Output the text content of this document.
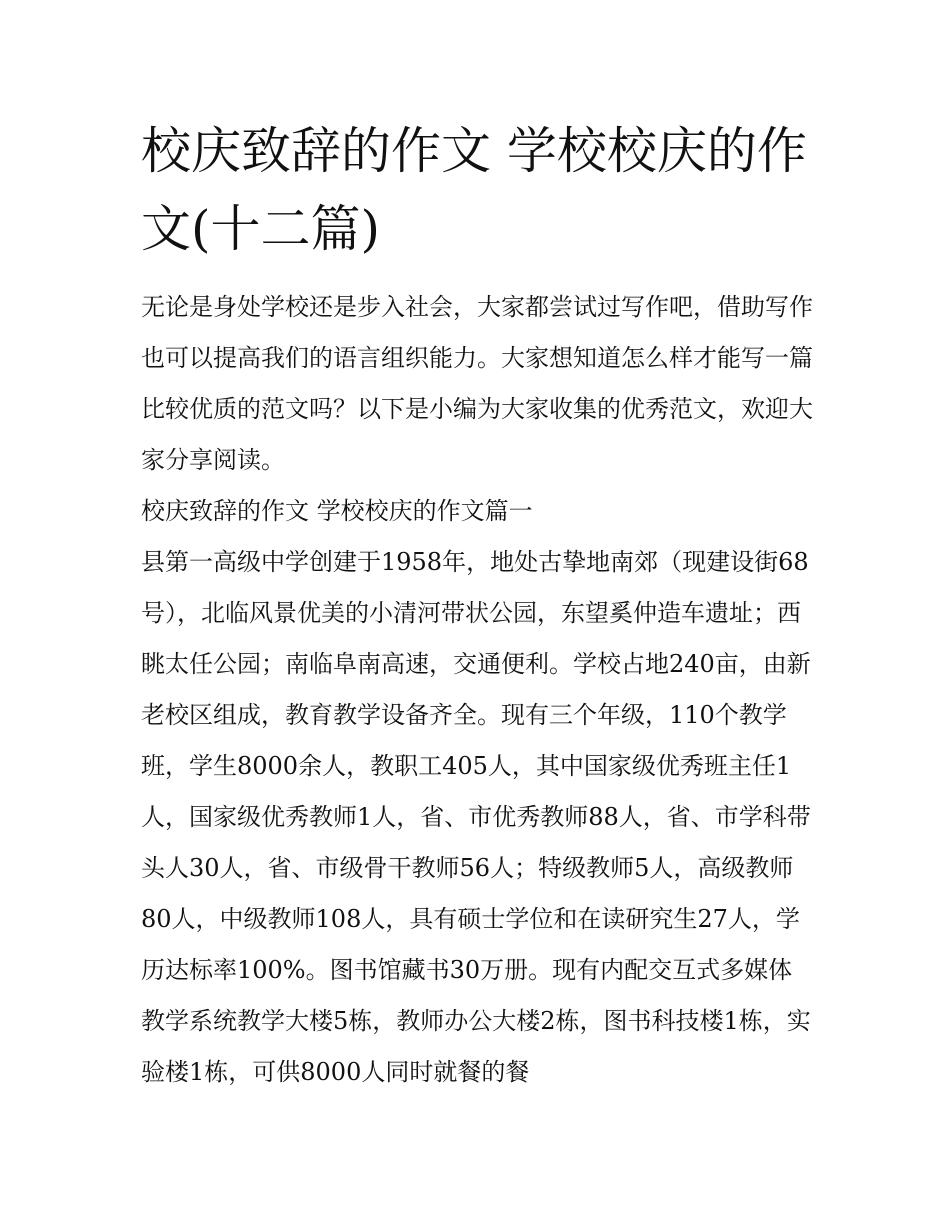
校庆致辞的作文 学校校庆的作文(十二篇)

无论是身处学校还是步入社会，大家都尝试过写作吧，借助写作也可以提高我们的语言组织能力。大家想知道怎么样才能写一篇比较优质的范文吗？以下是小编为大家收集的优秀范文，欢迎大家分享阅读。

校庆致辞的作文 学校校庆的作文篇一

县第一高级中学创建于1958年，地处古挚地南郊（现建设街68号），北临风景优美的小清河带状公园，东望奚仲造车遗址；西眺太任公园；南临阜南高速，交通便利。学校占地240亩，由新老校区组成，教育教学设备齐全。现有三个年级，110个教学班，学生8000余人，教职工405人，其中国家级优秀班主任1人，国家级优秀教师1人，省、市优秀教师88人，省、市学科带头人30人，省、市级骨干教师56人；特级教师5人，高级教师80人，中级教师108人，具有硕士学位和在读研究生27人，学历达标率100%。图书馆藏书30万册。现有内配交互式多媒体教学系统教学大楼5栋，教师办公大楼2栋，图书科技楼1栋，实验楼1栋，可供8000人同时就餐的餐
